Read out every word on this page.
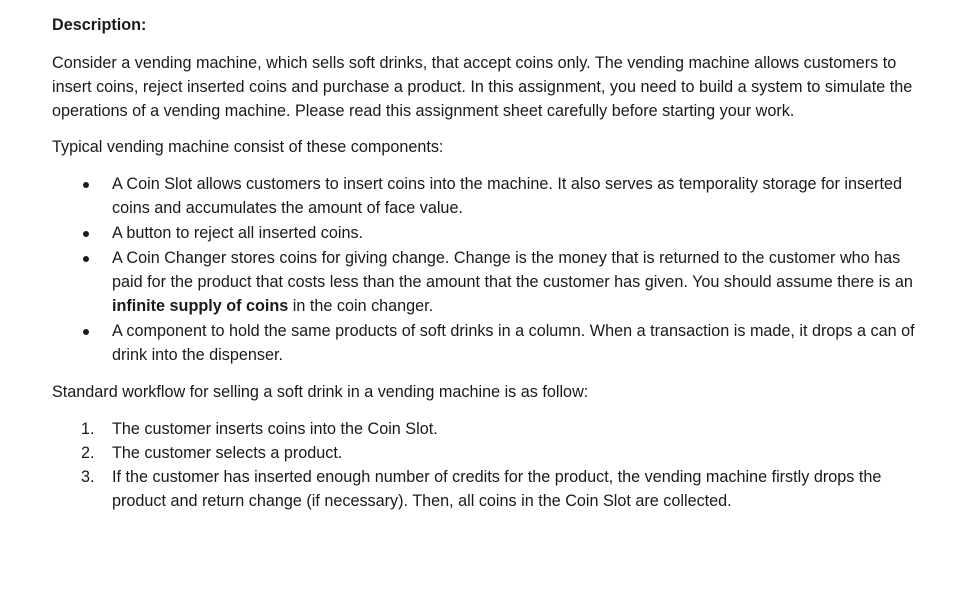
Description:

Consider a vending machine, which sells soft drinks, that accept coins only. The vending machine allows customers to insert coins, reject inserted coins and purchase a product. In this assignment, you need to build a system to simulate the operations of a vending machine. Please read this assignment sheet carefully before starting your work.

Typical vending machine consist of these components:

A Coin Slot allows customers to insert coins into the machine. It also serves as temporality storage for inserted coins and accumulates the amount of face value.
A button to reject all inserted coins.
A Coin Changer stores coins for giving change. Change is the money that is returned to the customer who has paid for the product that costs less than the amount that the customer has given. You should assume there is an infinite supply of coins in the coin changer.
A component to hold the same products of soft drinks in a column. When a transaction is made, it drops a can of drink into the dispenser.

Standard workflow for selling a soft drink in a vending machine is as follow:

1. The customer inserts coins into the Coin Slot.
2. The customer selects a product.
3. If the customer has inserted enough number of credits for the product, the vending machine firstly drops the product and return change (if necessary). Then, all coins in the Coin Slot are collected.
